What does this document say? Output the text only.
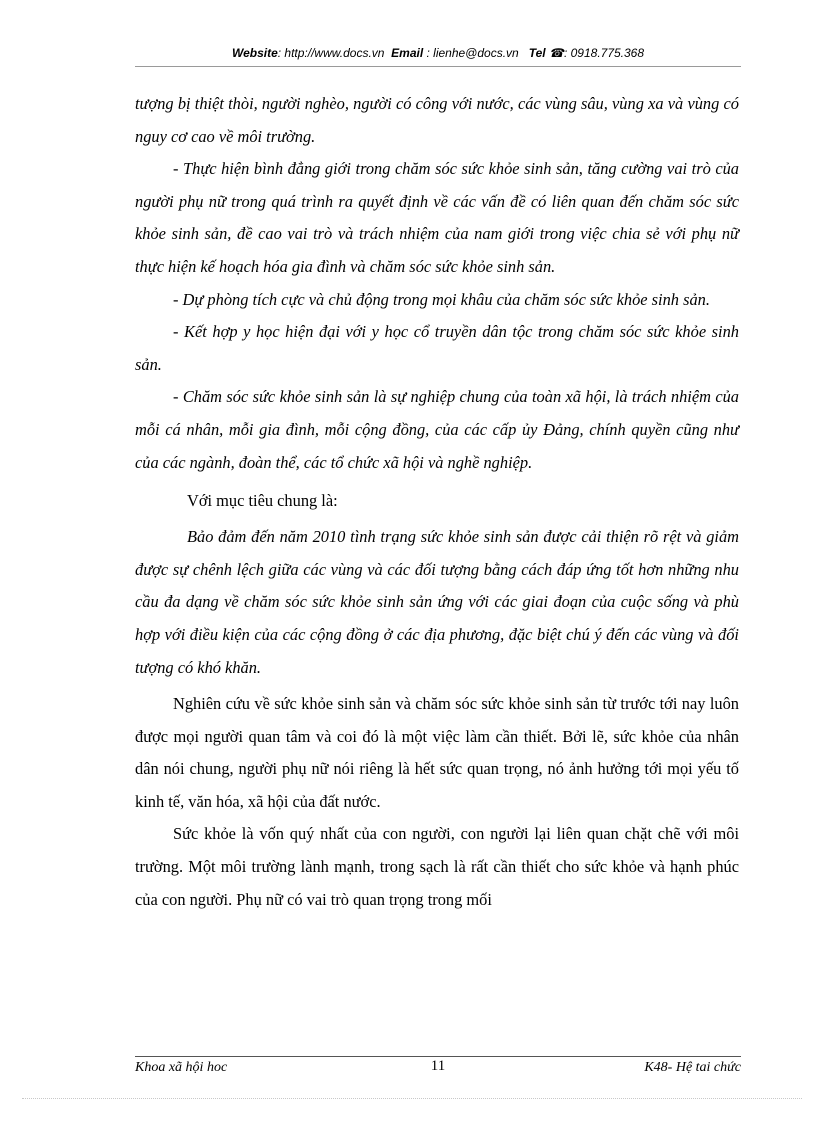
Website: http://www.docs.vn Email : lienhe@docs.vn Tel ☎: 0918.775.368

tượng bị thiệt thòi, người nghèo, người có công với nước, các vùng sâu, vùng xa và vùng có nguy cơ cao về môi trường.

- Thực hiện bình đẳng giới trong chăm sóc sức khỏe sinh sản, tăng cường vai trò của người phụ nữ trong quá trình ra quyết định về các vấn đề có liên quan đến chăm sóc sức khỏe sinh sản, đề cao vai trò và trách nhiệm của nam giới trong việc chia sẻ với phụ nữ thực hiện kế hoạch hóa gia đình và chăm sóc sức khỏe sinh sản.

- Dự phòng tích cực và chủ động trong mọi khâu của chăm sóc sức khỏe sinh sản.

- Kết hợp y học hiện đại với y học cổ truyền dân tộc trong chăm sóc sức khỏe sinh sản.

- Chăm sóc sức khỏe sinh sản là sự nghiệp chung của toàn xã hội, là trách nhiệm của mỗi cá nhân, mỗi gia đình, mỗi cộng đồng, của các cấp ủy Đảng, chính quyền cũng như của các ngành, đoàn thể, các tổ chức xã hội và nghề nghiệp.

Với mục tiêu chung là:

Bảo đảm đến năm 2010 tình trạng sức khỏe sinh sản được cải thiện rõ rệt và giảm được sự chênh lệch giữa các vùng và các đối tượng bằng cách đáp ứng tốt hơn những nhu cầu đa dạng về chăm sóc sức khỏe sinh sản ứng với các giai đoạn của cuộc sống và phù hợp với điều kiện của các cộng đồng ở các địa phương, đặc biệt chú ý đến các vùng và đối tượng có khó khăn.

Nghiên cứu về sức khỏe sinh sản và chăm sóc sức khỏe sinh sản từ trước tới nay luôn được mọi người quan tâm và coi đó là một việc làm cần thiết. Bởi lẽ, sức khỏe của nhân dân nói chung, người phụ nữ nói riêng là hết sức quan trọng, nó ảnh hưởng tới mọi yếu tố kinh tế, văn hóa, xã hội của đất nước.

Sức khỏe là vốn quý nhất của con người, con người lại liên quan chặt chẽ với môi trường. Một môi trường lành mạnh, trong sạch là rất cần thiết cho sức khỏe và hạnh phúc của con người. Phụ nữ có vai trò quan trọng trong mối

Khoa xã hội hoc	11	K48- Hệ tai chức
